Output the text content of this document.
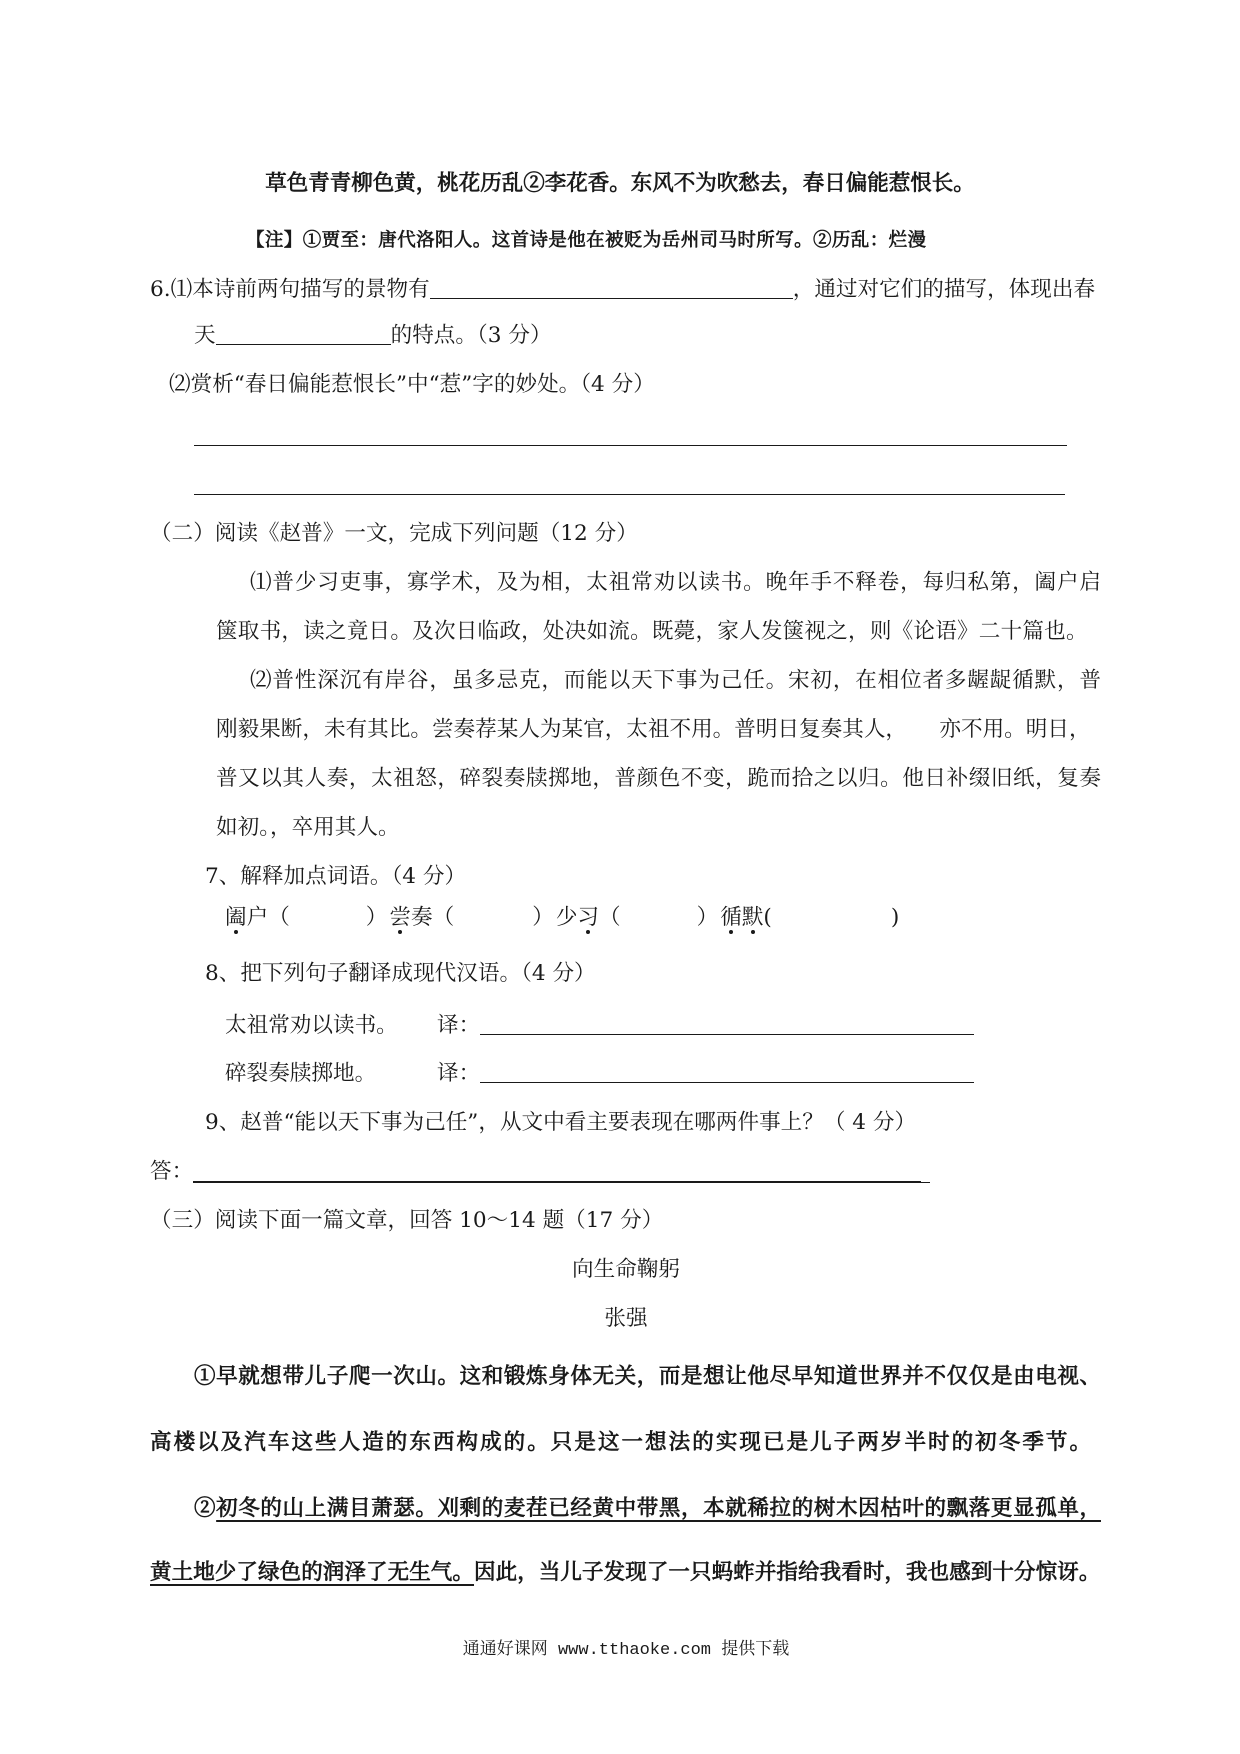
草色青青柳色黄，桃花历乱②李花香。东风不为吹愁去，春日偏能惹恨长。
【注】①贾至：唐代洛阳人。这首诗是他在被贬为岳州司马时所写。②历乱：烂漫
6.⑴本诗前两句描写的景物有	，通过对它们的描写，体现出春
天	的特点。（3 分）
⑵赏析“春日偏能惹恨长”中“惹”字的妙处。（4 分）
（二）阅读《赵普》一文，完成下列问题（12 分）
⑴普少习吏事，寡学术，及为相，太祖常劝以读书。晚年手不释卷，每归私第，阖户启
箧取书，读之竟日。及次日临政，处决如流。既薨，家人发箧视之，则《论语》二十篇也。
⑵普性深沉有岸谷，虽多忌克，而能以天下事为己任。宋初，在相位者多龌龊循默，普
刚毅果断，未有其比。尝奏荐某人为某官，太祖不用。普明日复奏其人，　　亦不用。明日，
普又以其人奏，太祖怒，碎裂奏牍掷地，普颜色不变，跪而拾之以归。他日补缀旧纸，复奏
如初。，卒用其人。
7、解释加点词语。（4 分）
阖 户 （	） 尝 奏 （	） 少 习 （	） 循 默 (	)
8、把下列句子翻译成现代汉语。（4 分）
太祖常劝以读书。	译：
碎裂奏牍掷地。	译：
9、赵普“能以天下事为己任”，从文中看主要表现在哪两件事上？（ 4 分）
答：
（三）阅读下面一篇文章，回答 10～14 题（17 分）
向生命鞠躬
张强
①早就想带儿子爬一次山。这和锻炼身体无关，而是想让他尽早知道世界并不仅仅是由电视、
高楼以及汽车这些人造的东西构成的。只是这一想法的实现已是儿子两岁半时的初冬季节。
②初冬的山上满目萧瑟。刈剩的麦茬已经黄中带黑，本就稀拉的树木因枯叶的飘落更显孤单，
黄土地少了绿色的润泽了无生气。因此，当儿子发现了一只蚂蚱并指给我看时，我也感到十分惊讶。
通通好课网 www.tthaoke.com 提供下载
